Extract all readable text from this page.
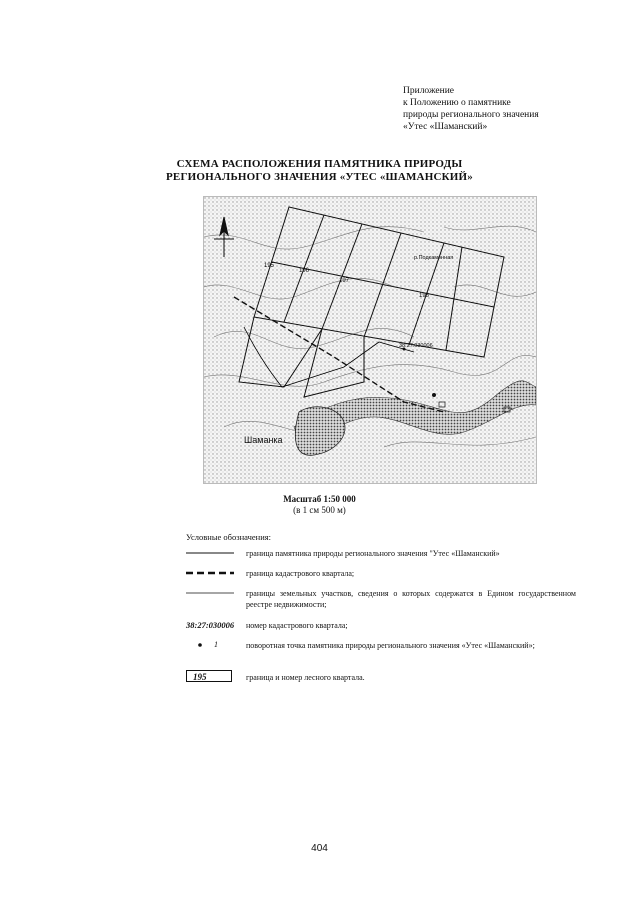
Приложение
к Положению о памятнике
природы регионального значения
«Утес «Шаманский»
СХЕМА РАСПОЛОЖЕНИЯ ПАМЯТНИКА ПРИРОДЫ
РЕГИОНАЛЬНОГО ЗНАЧЕНИЯ «УТЕС «ШАМАНСКИЙ»
196
197
198
195
38:27:030006
р.Подкаменная
Шаманка
Масштаб 1:50 000
(в 1 см 500 м)
Условные обозначения:
граница памятника природы регионального значения "Утес «Шаманский»
граница кадастрового квартала;
границы земельных участков, сведения о которых содержатся в Едином государственном реестре недвижимости;
38:27:030006	номер кадастрового квартала;
1	поворотная точка памятника природы регионального значения «Утес «Шаманский»;
195	граница и номер лесного квартала.
404
